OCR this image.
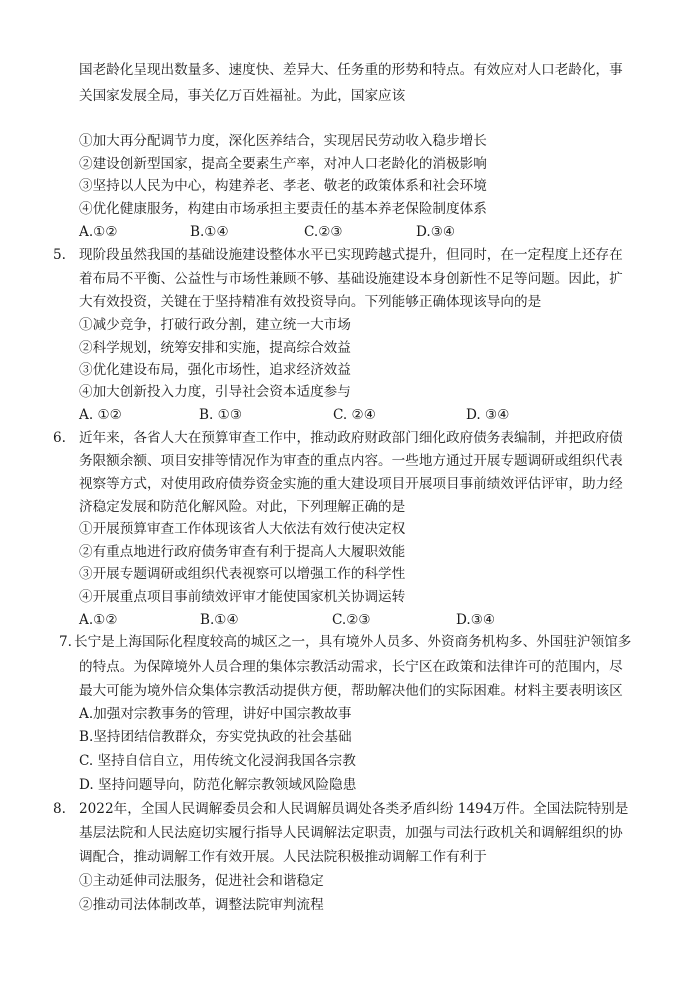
国老龄化呈现出数量多、速度快、差异大、任务重的形势和特点。有效应对人口老龄化，事
关国家发展全局，事关亿万百姓福祉。为此，国家应该
①加大再分配调节力度，深化医养结合，实现居民劳动收入稳步增长
②建设创新型国家，提高全要素生产率，对冲人口老龄化的消极影响
③坚持以人民为中心，构建养老、孝老、敬老的政策体系和社会环境
④优化健康服务，构建由市场承担主要责任的基本养老保险制度体系
A.①②	B.①④	C.②③	D.③④
5. 现阶段虽然我国的基础设施建设整体水平已实现跨越式提升，但同时，在一定程度上还存在
着布局不平衡、公益性与市场性兼顾不够、基础设施建设本身创新性不足等问题。因此，扩
大有效投资，关键在于坚持精准有效投资导向。下列能够正确体现该导向的是
①减少竞争，打破行政分割，建立统一大市场
②科学规划，统筹安排和实施，提高综合效益
③优化建设布局，强化市场性，追求经济效益
④加大创新投入力度，引导社会资本适度参与
A. ①②	B. ①③	C. ②④	D. ③④
6. 近年来，各省人大在预算审查工作中，推动政府财政部门细化政府债务表编制，并把政府债
务限额余额、项目安排等情况作为审查的重点内容。一些地方通过开展专题调研或组织代表
视察等方式，对使用政府债券资金实施的重大建设项目开展项目事前绩效评估评审，助力经
济稳定发展和防范化解风险。对此，下列理解正确的是
①开展预算审查工作体现该省人大依法有效行使决定权
②有重点地进行政府债务审查有利于提高人大履职效能
③开展专题调研或组织代表视察可以增强工作的科学性
④开展重点项目事前绩效评审才能使国家机关协调运转
A.①②	B.①④	C.②③	D.③④
7. 长宁是上海国际化程度较高的城区之一，具有境外人员多、外资商务机构多、外国驻沪领馆多
的特点。为保障境外人员合理的集体宗教活动需求，长宁区在政策和法律许可的范围内，尽
最大可能为境外信众集体宗教活动提供方便，帮助解决他们的实际困难。材料主要表明该区
A.加强对宗教事务的管理，讲好中国宗教故事
B.坚持团结信教群众，夯实党执政的社会基础
C. 坚持自信自立，用传统文化浸润我国各宗教
D. 坚持问题导向，防范化解宗教领域风险隐患
8. 2022年，全国人民调解委员会和人民调解员调处各类矛盾纠纷 1494万件。全国法院特别是
基层法院和人民法庭切实履行指导人民调解法定职责，加强与司法行政机关和调解组织的协
调配合，推动调解工作有效开展。人民法院积极推动调解工作有利于
①主动延伸司法服务，促进社会和谐稳定
②推动司法体制改革，调整法院审判流程
